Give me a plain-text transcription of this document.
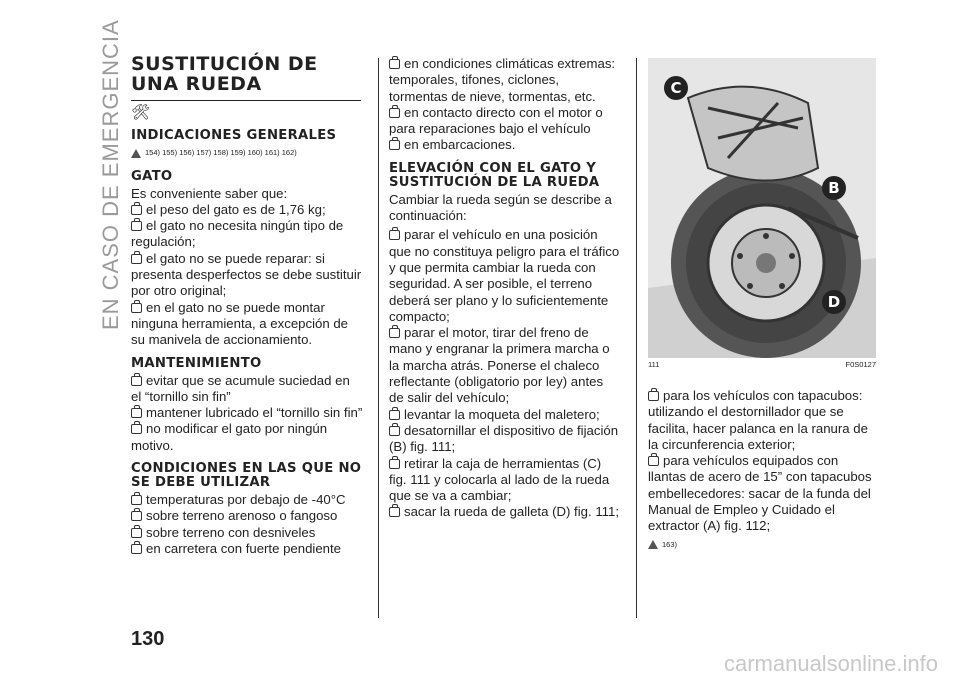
EN CASO DE EMERGENCIA
130
SUSTITUCIÓN DE UNA RUEDA
🛠
INDICACIONES GENERALES
154) 155) 156) 157) 158) 159) 160) 161) 162)
GATO

Es conveniente saber que:

el peso del gato es de 1,76 kg;

el gato no necesita ningún tipo de regulación;

el gato no se puede reparar: si presenta desperfectos se debe sustituir por otro original;

en el gato no se puede montar ninguna herramienta, a excepción de su manivela de accionamiento.

MANTENIMIENTO

evitar que se acumule suciedad en el “tornillo sin fin”

mantener lubricado el “tornillo sin fin”

no modificar el gato por ningún motivo.

CONDICIONES EN LAS QUE NO SE DEBE UTILIZAR

temperaturas por debajo de -40°C

sobre terreno arenoso o fangoso

sobre terreno con desniveles

en carretera con fuerte pendiente

en condiciones climáticas extremas: temporales, tifones, ciclones, tormentas de nieve, tormentas, etc.

en contacto directo con el motor o para reparaciones bajo el vehículo

en embarcaciones.

ELEVACIÓN CON EL GATO Y SUSTITUCIÓN DE LA RUEDA

Cambiar la rueda según se describe a continuación:

parar el vehículo en una posición que no constituya peligro para el tráfico y que permita cambiar la rueda con seguridad. A ser posible, el terreno deberá ser plano y lo suficientemente compacto;

parar el motor, tirar del freno de mano y engranar la primera marcha o la marcha atrás. Ponerse el chaleco reflectante (obligatorio por ley) antes de salir del vehículo;

levantar la moqueta del maletero;

desatornillar el dispositivo de fijación (B) fig. 111;

retirar la caja de herramientas (C) fig. 111 y colocarla al lado de la rueda que se va a cambiar;

sacar la rueda de galleta (D) fig. 111;

C
B
D
111	F0S0127

para los vehículos con tapacubos: utilizando el destornillador que se facilita, hacer palanca en la ranura de la circunferencia exterior;

para vehículos equipados con llantas de acero de 15” con tapacubos embellecedores: sacar de la funda del Manual de Empleo y Cuidado el extractor (A) fig. 112;

163)
carmanualsonline.info
